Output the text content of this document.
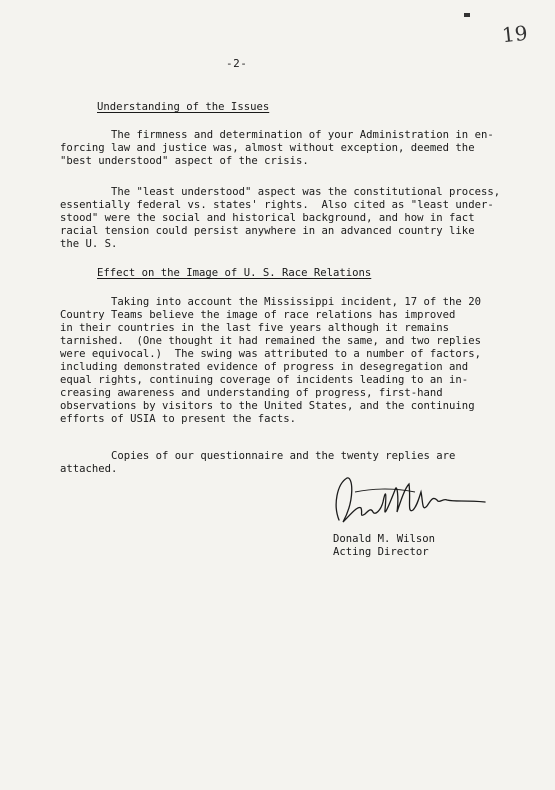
19
-2-
Understanding of the Issues

The firmness and determination of your Administration in en-
forcing law and justice was, almost without exception, deemed the
"best understood" aspect of the crisis.

The "least understood" aspect was the constitutional process,
essentially federal vs. states' rights.  Also cited as "least under-
stood" were the social and historical background, and how in fact
racial tension could persist anywhere in an advanced country like
the U. S.

Effect on the Image of U. S. Race Relations

Taking into account the Mississippi incident, 17 of the 20
Country Teams believe the image of race relations has improved
in their countries in the last five years although it remains
tarnished.  (One thought it had remained the same, and two replies
were equivocal.)  The swing was attributed to a number of factors,
including demonstrated evidence of progress in desegregation and
equal rights, continuing coverage of incidents leading to an in-
creasing awareness and understanding of progress, first-hand
observations by visitors to the United States, and the continuing
efforts of USIA to present the facts.

Copies of our questionnaire and the twenty replies are
attached.

Donald M. Wilson
Acting Director
